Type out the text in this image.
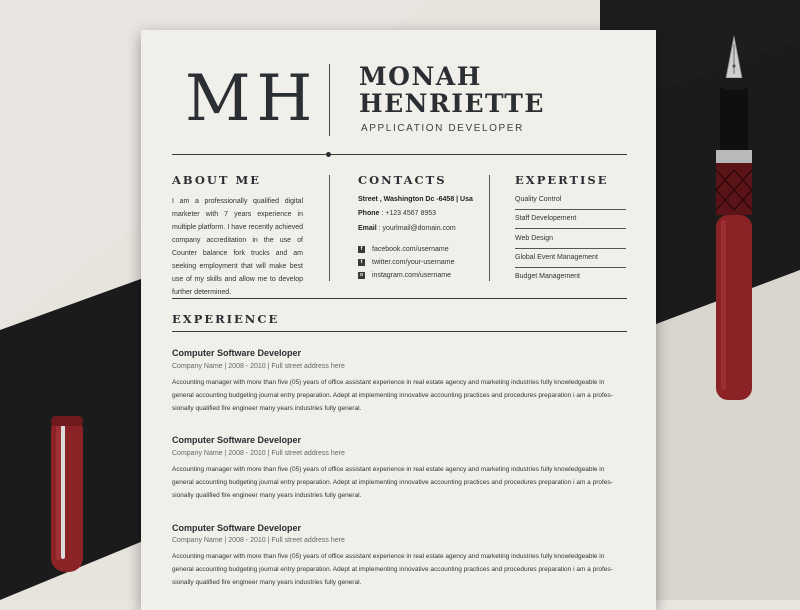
MH MONAH
HENRIETTE
APPLICATION DEVELOPER
ABOUT ME
I am a professionally qualified digital marketer with 7 years experience in multiple platform. I have recently achieved company accreditation in the use of Counter balance fork trucks and am seeking employment that will make best use of my skills and allow me to develop further determined.
CONTACTS
Street , Washington Dc -6458 | Usa
Phone : +123 4567 8953
Email : yourlmail@domain.com
f	facebook.com/username
t	twitter.com/your-username
o instagram.com/username
EXPERTISE
Quality Control
Staff Developement
Web Design
Global Event Management
Budget Management
EXPERIENCE
Computer Software Developer
Company Name | 2008 - 2010 | Full street address here
Accounting manager with more than five (05) years of office assistant experience in real estate agency and marketing industries fully knowledgeable in general accounting budgeting journal entry preparation. Adept at implementing innovative accounting practices and procedures preparation i am a profes- sionally qualified fire engineer many years industries fully general.
Computer Software Developer
Company Name | 2008 - 2010 | Full street address here
Accounting manager with more than five (05) years of office assistant experience in real estate agency and marketing industries fully knowledgeable in general accounting budgeting journal entry preparation. Adept at implementing innovative accounting practices and procedures preparation i am a profes- sionally qualified fire engineer many years industries fully general.
Computer Software Developer
Company Name | 2008 - 2010 | Full street address here
Accounting manager with more than five (05) years of office assistant experience in real estate agency and marketing industries fully knowledgeable in general accounting budgeting journal entry preparation. Adept at implementing innovative accounting practices and procedures preparation i am a profes- sionally qualified fire engineer many years industries fully general.
